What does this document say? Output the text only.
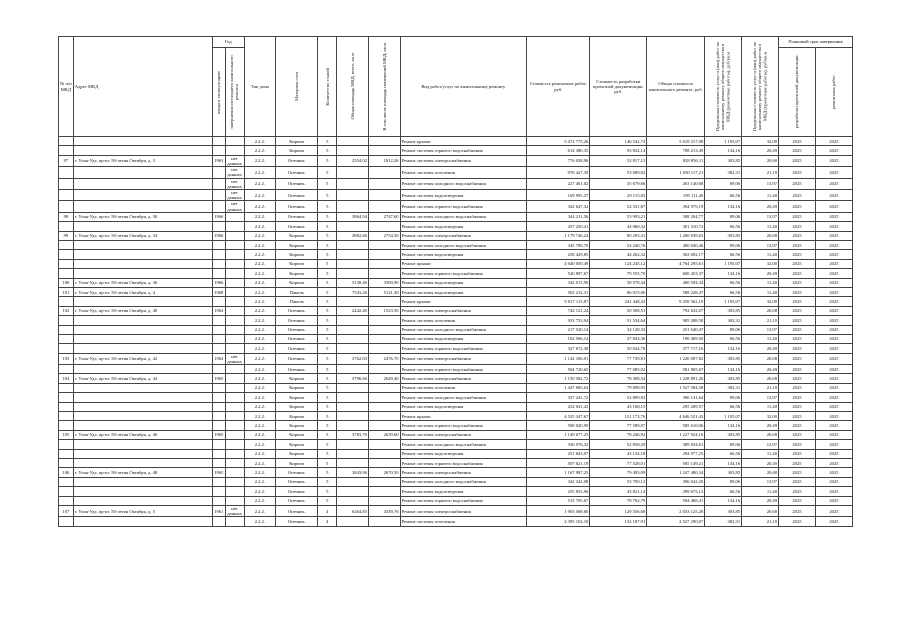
№ п/п МКД	Адрес МКД	Год		Тип дома	Материал стен	Количество этажей	Общая площадь МКД, всего, кв.м	В том числе площадь помещений МКД, кв.м	Вид работ/услуг по капитальному ремонту	Стоимость ремонтных работ, руб.	Стоимость разработки проектной документации, руб.	Общая стоимость капитального ремонта, руб.	Предельная стоимость услуг и (или) работ по капитальному ремонту общего имущества в МКД (ремонтные работы), руб/кв.м	Предельная стоимость услуг и (или) работ по капитальному ремонту общего имущества в МКД (проектные работы), руб/кв.м	Плановый срок завершения	

		ввода в эксплуатацию	завершения последнего капитального ремонта												разработки проектной документации	ремонтных работ

				2.2.2.	Кирпич	5			Ремонт крыши	5 472 775,26	146 542,72	5 619 317,98	1 195,07	32,00	2025	2025
				2.2.2.	Кирпич	5			Ремонт системы горячего водоснабжения	614 380,35	93 832,14	708 213,49	134,16	20,49	2025	2025
97	г. Улан-Удэ, пр-кт. 50-летия Октября, д. 3	1963	нет данных	2.2.2.	Опечнек.	5	2554,02	1812,26	Ремонт системы электроснабжения	776 038,96	52 817,13	828 856,11	303,85	20,68	2025	2025
			нет данных	2.2.2.	Опечнек.	5			Ремонт системы отопления	976 427,39	53 689,82	1 030 117,21	382,31	21,10	2025	2025
			нет данных	2.2.2.	Опечнек.	5			Ремонт системы холодного водоснабжения	227 461,02	35 679,66	263 140,68	89,06	13,97	2025	2025
			нет данных	2.2.2.	Опечнек.	5			Ремонт системы водоотведения	169 995,37	29 115,83	199 111,40	66,56	11,40	2025	2025
			нет данных	2.2.2.	Опечнек.	5			Ремонт системы горячего водоснабжения	342 647,32	52 331,87	394 979,19	134,16	20,49	2025	2025
98	г. Улан-Удэ, пр-кт. 50-летия Октября, д. 30	1966		2.2.2.	Опечнек.	5	3864,94	2747,60	Ремонт системы холодного водоснабжения	344 211,56	53 993,21	398 204,77	89,06	13,97	2025	2025
				2.2.2.	Опечнек.	5			Ремонт системы водоотведения	257 250,41	44 060,32	301 310,72	66,56	11,40	2025	2025
99	г. Улан-Удэ, пр-кт. 50-летия Октября, д. 34	1966		2.2.2.	Кирпич	5	3882,66	2754,30	Ремонт системы электроснабжения	1 179 746,24	80 293,41	1 260 039,65	303,85	20,68	2025	2025
				2.2.2.	Кирпич	5			Ремонт системы холодного водоснабжения	345 789,70	54 240,76	400 030,46	89,06	13,97	2025	2025
				2.2.2.	Кирпич	5			Ремонт системы водоотведения	258 429,85	44 262,32	302 692,17	66,56	11,40	2025	2025
				2.2.2.	Кирпич	5			Ремонт крыши	4 640 050,49	124 245,12	4 764 295,61	1 195,07	32,00	2025	2025
				2.2.2.	Кирпич	5			Ремонт системы горячего водоснабжения	520 897,67	79 555,70	600 453,37	134,16	20,49	2025	2025
100	г. Улан-Удэ, пр-кт. 50-летия Октября, д. 36	1966		2.2.2.	Кирпич	5	5138,46	3390,90	Ремонт системы водоотведения	342 015,90	58 578,44	400 594,34	66,56	11,40	2025	2025
101	г. Улан-Удэ, пр-кт. 50-летия Октября, д. 4	1968		2.2.2.	Панель	5	7543,26	5121,30	Ремонт системы водоотведения	502 212,31	86 015,06	588 228,47	66,56	11,40	2025	2025
				2.2.2.	Панель	5			Ремонт крыши	9 017 113,87	241 448,32	9 258 562,19	1 195,07	32,00	2025	2025
102	г. Улан-Удэ, пр-кт. 50-летия Октября, д. 40	1964		2.2.2.	Опечнек.	5	2442,40	1523,50	Ремонт системы электроснабжения	742 121,24	50 508,51	792 632,07	303,85	20,68	2025	2025
				2.2.2.	Опечнек.	5			Ремонт системы отопления	933 753,94	51 534,64	985 288,58	382,31	21,10	2025	2025
				2.2.2.	Опечнек.	5			Ремонт системы холодного водоснабжения	217 520,14	34 120,33	251 640,47	89,06	13,97	2025	2025
				2.2.2.	Опечнек.	5			Ремонт системы водоотведения	162 566,14	27 843,36	190 409,50	66,56	11,40	2025	2025
				2.2.2.	Опечнек.	5			Ремонт системы горячего водоснабжения	327 672,38	50 044,78	377 717,16	134,16	20,49	2025	2025
103	г. Улан-Удэ, пр-кт. 50-летия Октября, д. 42	1964	нет данных	2.2.2.	Опечнек.	5	3762,03	2476,70	Ремонт системы электроснабжения	1 142 106,01	77 739,81	1 220 007,82	303,85	20,68	2025	2025
				2.2.2.	Опечнек.	5			Ремонт системы горячего водоснабжения	504 720,65	77 085,02	581 805,67	134,16	20,49	2025	2025
104	г. Улан-Удэ, пр-кт. 50-летия Октября, д. 44	1965		2.2.2.	Кирпич	5	3796,66	2649,40	Ремонт системы электроснабжения	1 150 582,72	78 308,54	1 228 891,26	303,85	20,68	2025	2025
				2.2.2.	Кирпич	5			Ремонт системы отопления	1 447 685,63	79 898,95	1 527 584,58	382,31	21,10	2025	2025
				2.2.2.	Кирпич	5			Ремонт системы холодного водоснабжения	337 241,72	52 899,92	390 141,64	89,06	13,97	2025	2025
				2.2.2.	Кирпич	5			Ремонт системы водоотведения	252 041,42	43 168,15	295 209,57	66,56	11,40	2025	2025
				2.2.2.	Кирпич	5			Ремонт крыши	4 525 347,67	121 173,76	4 646 521,43	1 195,07	32,00	2025	2025
				2.2.2.	Кирпич	5			Ремонт системы горячего водоснабжения	508 020,99	77 589,07	585 610,06	134,16	20,49	2025	2025
105	г. Улан-Удэ, пр-кт. 50-летия Октября, д. 46	1965		2.2.2.	Кирпич	5	3783,70	2639,60	Ремонт системы электроснабжения	1 149 677,25	78 246,92	1 227 924,16	303,85	20,68	2025	2025
				2.2.2.	Кирпич	5			Ремонт системы холодного водоснабжения	336 976,32	52 858,29	389 834,61	89,06	13,97	2025	2025
				2.2.2.	Кирпич	5			Ремонт системы водоотведения	251 843,07	43 134,18	294 977,25	66,56	11,40	2025	2025
				2.2.2.	Кирпич	5			Ремонт системы горячего водоснабжения	507 621,19	77 528,01	585 149,21	134,16	20,49	2025	2025
106	г. Улан-Удэ, пр-кт. 50-летия Октября, д. 48	1965		2.2.2.	Опечнек.	5	3843,96	2670,50	Ремонт системы электроснабжения	1 167 987,25	79 493,09	1 247 480,34	303,85	20,68	2025	2025
				2.2.2.	Опечнек.	5			Ремонт системы холодного водоснабжения	342 342,08	53 700,12	396 042,20	89,06	13,97	2025	2025
				2.2.2.	Опечнек.	5			Ремонт системы водоотведения	255 853,96	43 821,14	299 675,12	66,56	11,40	2025	2025
				2.2.2.	Опечнек.	5			Ремонт системы горячего водоснабжения	515 705,67	78 762,79	594 468,41	134,16	20,49	2025	2025
107	г. Улан-Удэ, пр-кт. 50-летия Октября, д. 5	1961	нет данных	2.2.2.	Опечнек.	4	6264,83	4339,76	Ремонт системы электроснабжения	1 903 568,60	129 556,68	2 033 125,28	303,85	20,68	2025	2025
				2.2.2.	Опечнек.	4			Ремонт системы отопления	2 395 102,10	132 187,91	2 527 290,07	382,31	21,10	2025	2025
